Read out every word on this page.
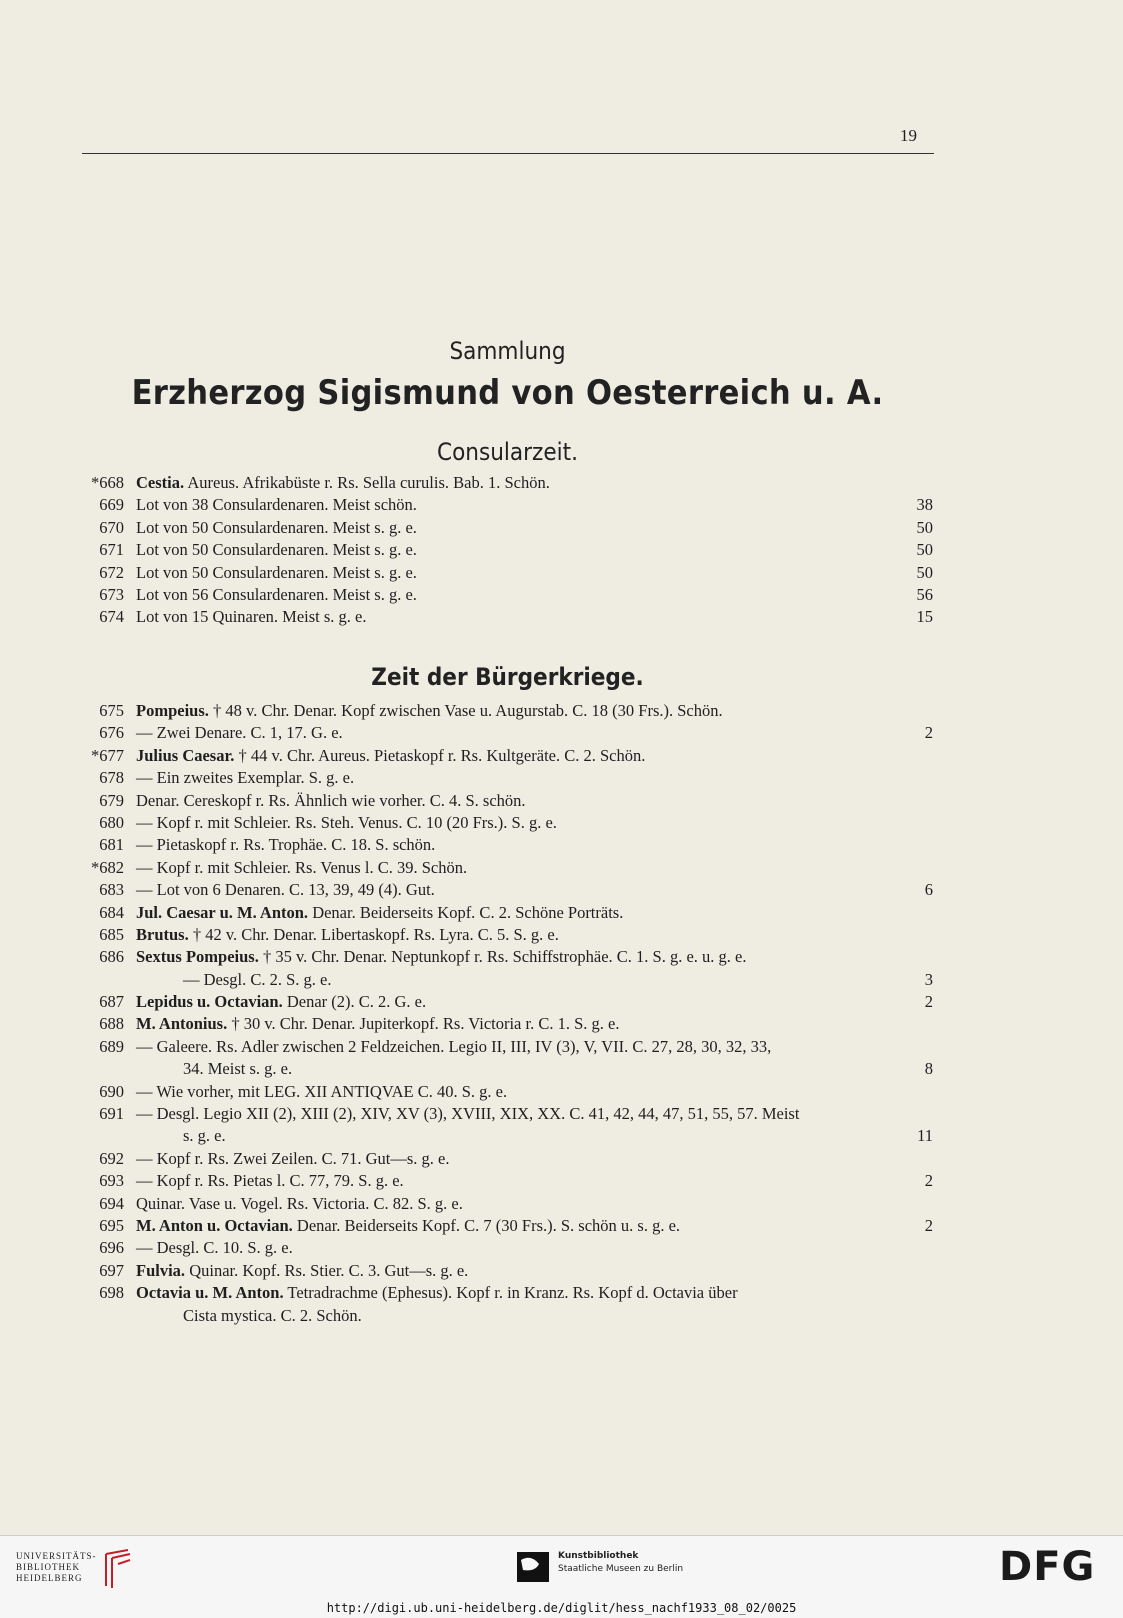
19
Sammlung
Erzherzog Sigismund von Oesterreich u. A.
Consularzeit.
*668 Cestia. Aureus. Afrikabüste r. Rs. Sella curulis. Bab. 1. Schön.
669 Lot von 38 Consulardenaren. Meist schön.	38
670 Lot von 50 Consulardenaren. Meist s. g. e.	50
671 Lot von 50 Consulardenaren. Meist s. g. e.	50
672 Lot von 50 Consulardenaren. Meist s. g. e.	50
673 Lot von 56 Consulardenaren. Meist s. g. e.	56
674 Lot von 15 Quinaren. Meist s. g. e.	15
Zeit der Bürgerkriege.
675 Pompeius. † 48 v. Chr. Denar. Kopf zwischen Vase u. Augurstab. C. 18 (30 Frs.). Schön.
676 — Zwei Denare. C. 1, 17. G. e.	2
*677 Julius Caesar. † 44 v. Chr. Aureus. Pietaskopf r. Rs. Kultgeräte. C. 2. Schön.
678 — Ein zweites Exemplar. S. g. e.
679 Denar. Cereskopf r. Rs. Ähnlich wie vorher. C. 4. S. schön.
680 — Kopf r. mit Schleier. Rs. Steh. Venus. C. 10 (20 Frs.). S. g. e.
681 — Pietaskopf r. Rs. Trophäe. C. 18. S. schön.
*682 — Kopf r. mit Schleier. Rs. Venus l. C. 39. Schön.
683 — Lot von 6 Denaren. C. 13, 39, 49 (4). Gut.	6
684 Jul. Caesar u. M. Anton. Denar. Beiderseits Kopf. C. 2. Schöne Porträts.
685 Brutus. † 42 v. Chr. Denar. Libertaskopf. Rs. Lyra. C. 5. S. g. e.
686 Sextus Pompeius. † 35 v. Chr. Denar. Neptunkopf r. Rs. Schiffstrophäe. C. 1. S. g. e. u. g. e.
— Desgl. C. 2. S. g. e.	3
687 Lepidus u. Octavian. Denar (2). C. 2. G. e.	2
688 M. Antonius. † 30 v. Chr. Denar. Jupiterkopf. Rs. Victoria r. C. 1. S. g. e.
689 — Galeere. Rs. Adler zwischen 2 Feldzeichen. Legio II, III, IV (3), V, VII. C. 27, 28, 30, 32, 33,
34. Meist s. g. e.	8
690 — Wie vorher, mit LEG. XII ANTIQVAE C. 40. S. g. e.
691 — Desgl. Legio XII (2), XIII (2), XIV, XV (3), XVIII, XIX, XX. C. 41, 42, 44, 47, 51, 55, 57. Meist
s. g. e.	11
692 — Kopf r. Rs. Zwei Zeilen. C. 71. Gut—s. g. e.
693 — Kopf r. Rs. Pietas l. C. 77, 79. S. g. e.	2
694 Quinar. Vase u. Vogel. Rs. Victoria. C. 82. S. g. e.
695 M. Anton u. Octavian. Denar. Beiderseits Kopf. C. 7 (30 Frs.). S. schön u. s. g. e.	2
696 — Desgl. C. 10. S. g. e.
697 Fulvia. Quinar. Kopf. Rs. Stier. C. 3. Gut—s. g. e.
698 Octavia u. M. Anton. Tetradrachme (Ephesus). Kopf r. in Kranz. Rs. Kopf d. Octavia über
Cista mystica. C. 2. Schön.
UNIVERSITÄTS-
BIBLIOTHEK
HEIDELBERG
Kunstbibliothek
Staatliche Museen zu Berlin	DFG
http://digi.ub.uni-heidelberg.de/diglit/hess_nachf1933_08_02/0025
